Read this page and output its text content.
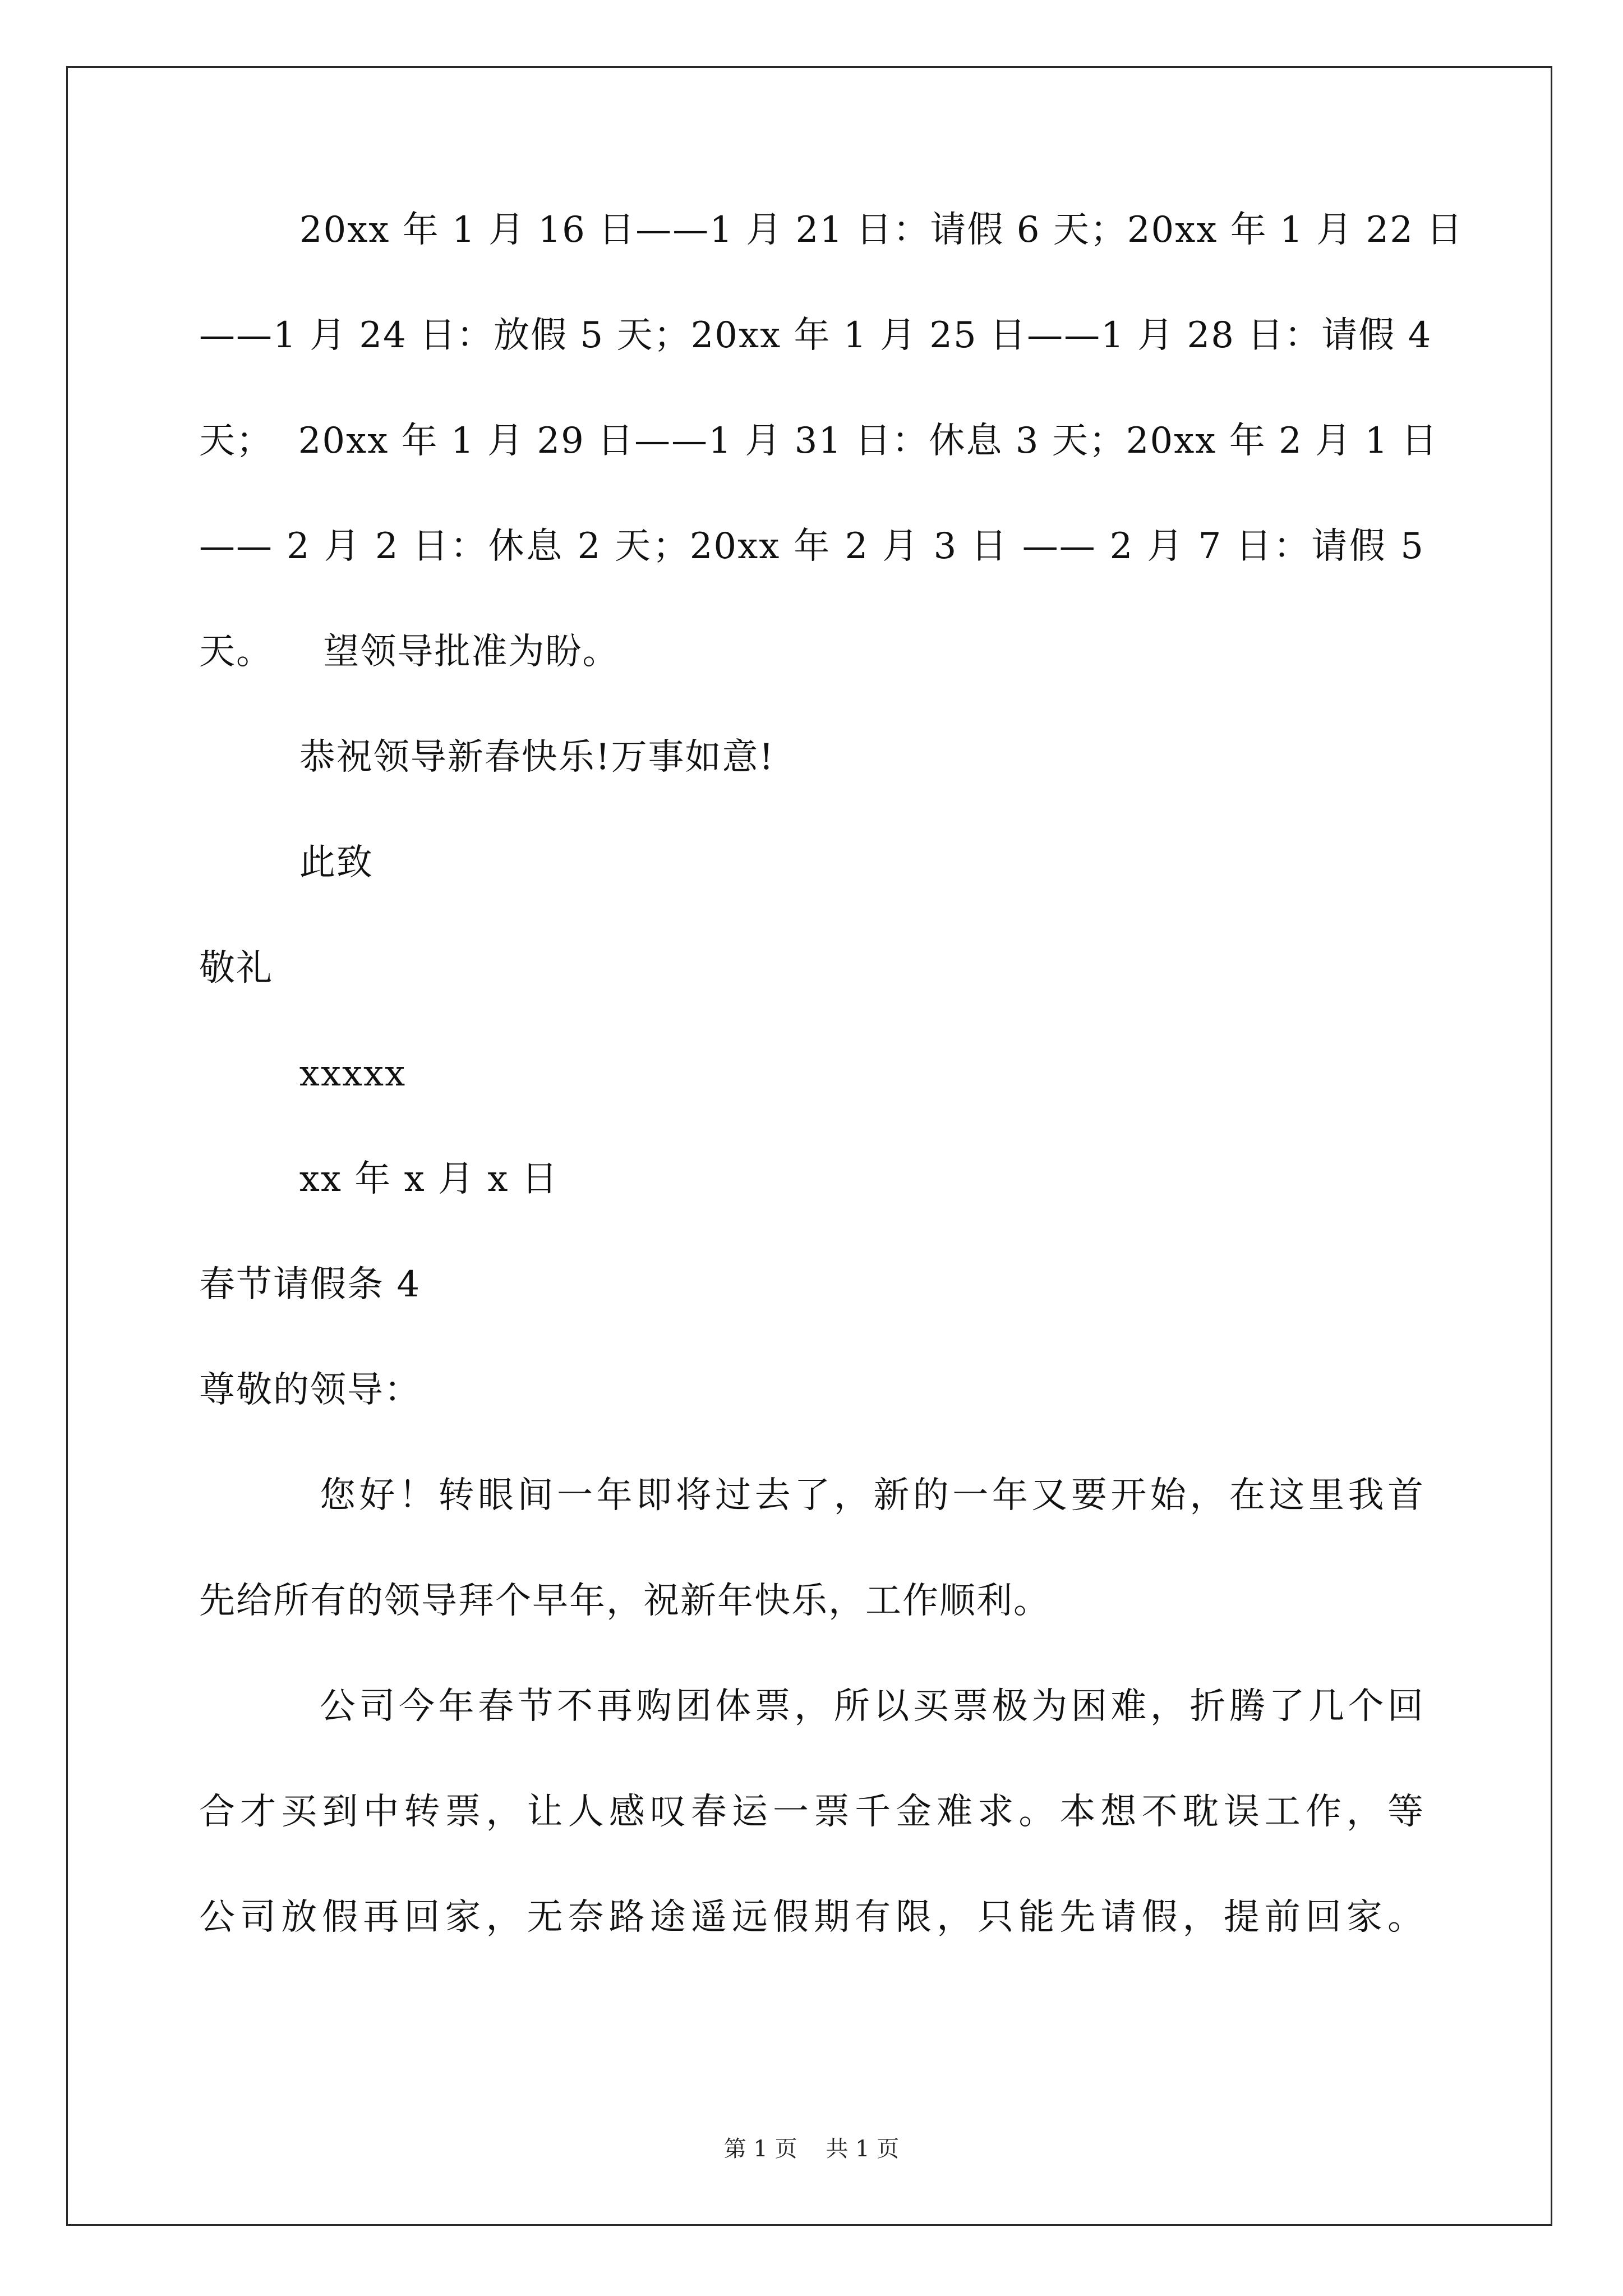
20xx 年 1 月 16 日——1 月 21 日：请假 6 天；20xx 年 1 月 22 日
——1 月 24 日：放假 5 天；20xx 年 1 月 25 日——1 月 28 日：请假 4
天；  20xx 年 1 月 29 日——1 月 31 日：休息 3 天；20xx 年 2 月 1 日
—— 2 月 2 日：休息 2 天；20xx 年 2 月 3 日 —— 2 月 7 日：请假 5
天。    望领导批准为盼。
恭祝领导新春快乐!万事如意!
此致
敬礼
xxxxx
xx 年 x 月 x 日
春节请假条 4
尊敬的领导：
您好！转眼间一年即将过去了，新的一年又要开始，在这里我首
先给所有的领导拜个早年，祝新年快乐，工作顺利。
公司今年春节不再购团体票，所以买票极为困难，折腾了几个回
合才买到中转票，让人感叹春运一票千金难求。本想不耽误工作，等
公司放假再回家，无奈路途遥远假期有限，只能先请假，提前回家。
第 1 页    共 1 页
